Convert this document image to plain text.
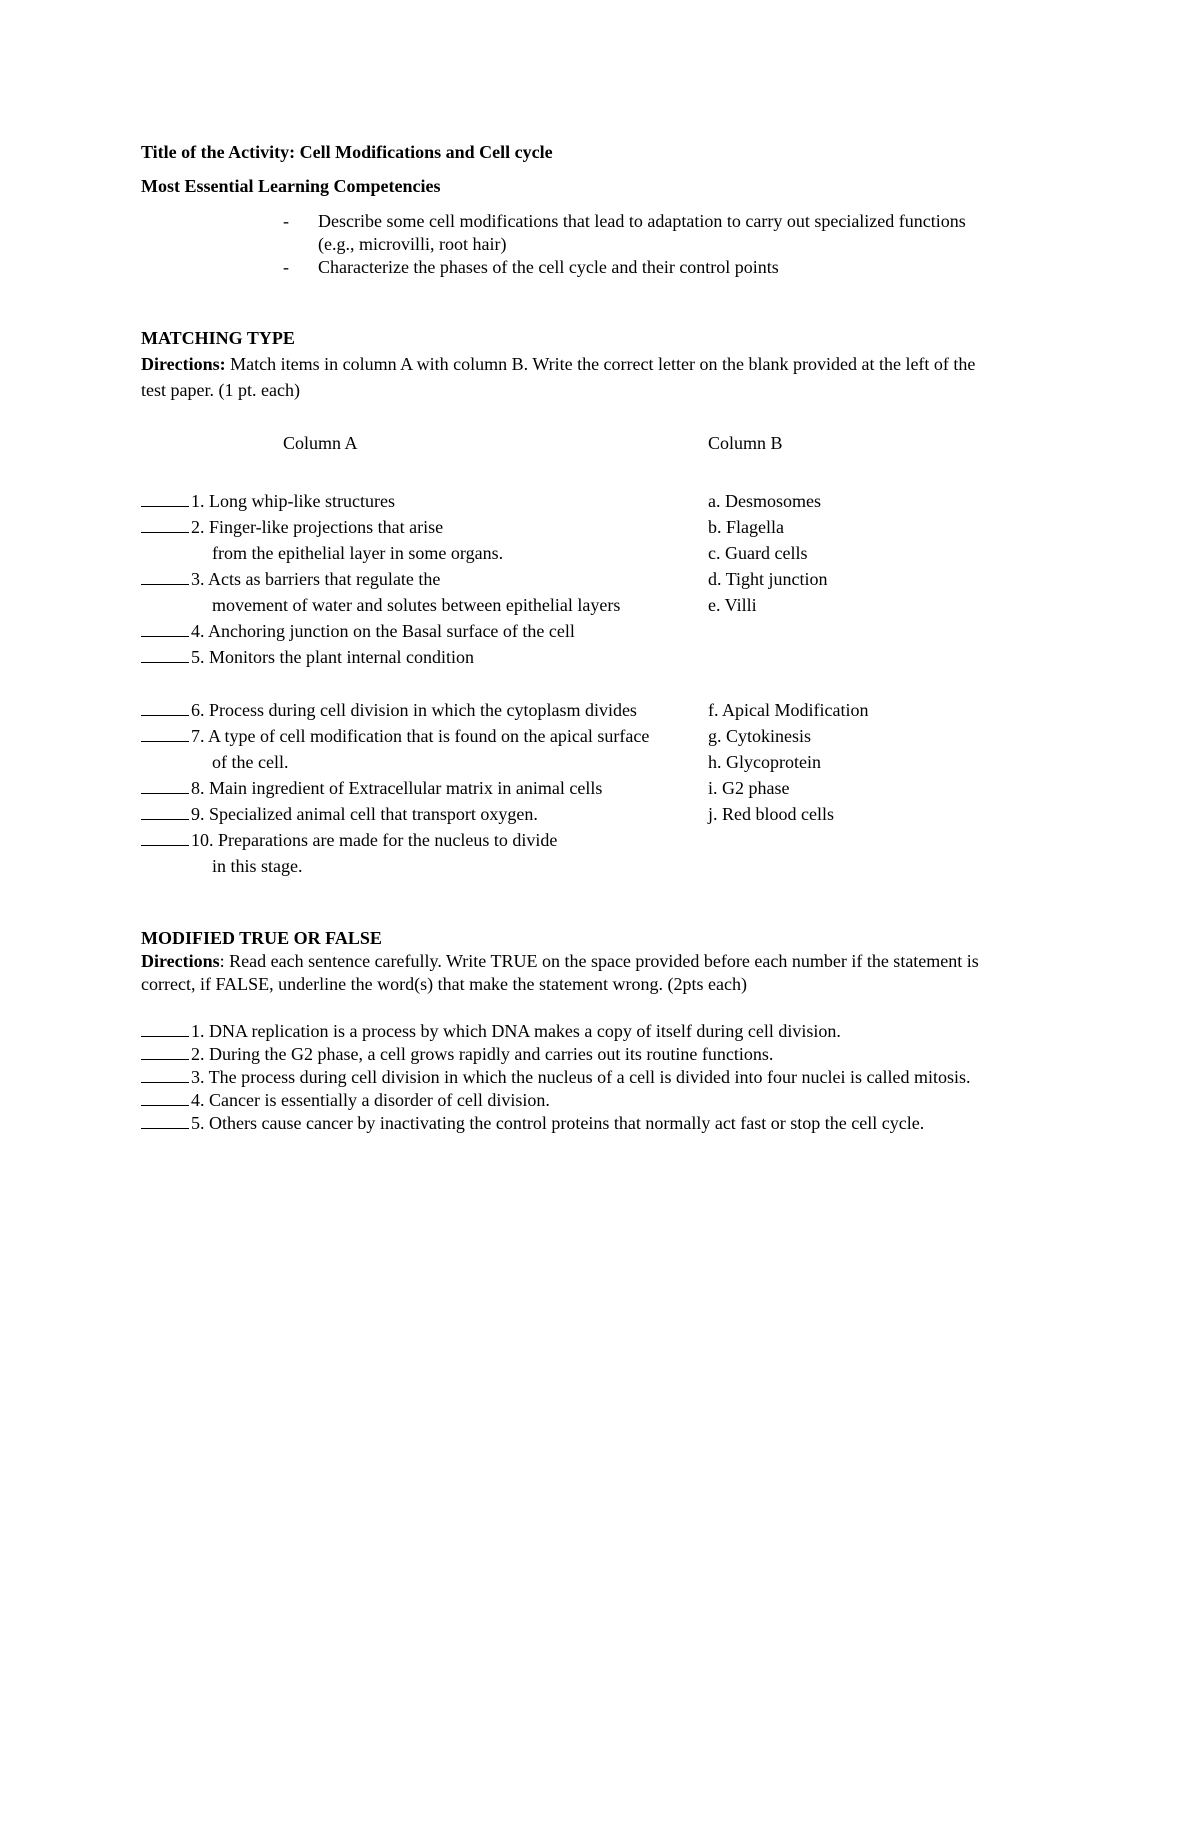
Title of the Activity: Cell Modifications and Cell cycle
Most Essential Learning Competencies
- Describe some cell modifications that lead to adaptation to carry out specialized functions
(e.g., microvilli, root hair)
- Characterize the phases of the cell cycle and their control points
MATCHING TYPE
Directions: Match items in column A with column B. Write the correct letter on the blank provided at the left of the
test paper. (1 pt. each)
Column A	Column B
1. Long whip-like structures
2. Finger-like projections that arise
from the epithelial layer in some organs.
3. Acts as barriers that regulate the
movement of water and solutes between epithelial layers
4. Anchoring junction on the Basal surface of the cell
5. Monitors the plant internal condition
6. Process during cell division in which the cytoplasm divides
7. A type of cell modification that is found on the apical surface
of the cell.
8. Main ingredient of Extracellular matrix in animal cells
9. Specialized animal cell that transport oxygen.
10. Preparations are made for the nucleus to divide
in this stage.
a. Desmosomes
b. Flagella
c. Guard cells
d. Tight junction
e. Villi
f. Apical Modification
g. Cytokinesis
h. Glycoprotein
i. G2 phase
j. Red blood cells
MODIFIED TRUE OR FALSE
Directions: Read each sentence carefully. Write TRUE on the space provided before each number if the statement is
correct, if FALSE, underline the word(s) that make the statement wrong. (2pts each)
1. DNA replication is a process by which DNA makes a copy of itself during cell division.
2. During the G2 phase, a cell grows rapidly and carries out its routine functions.
3. The process during cell division in which the nucleus of a cell is divided into four nuclei is called mitosis.
4. Cancer is essentially a disorder of cell division.
5. Others cause cancer by inactivating the control proteins that normally act fast or stop the cell cycle.
